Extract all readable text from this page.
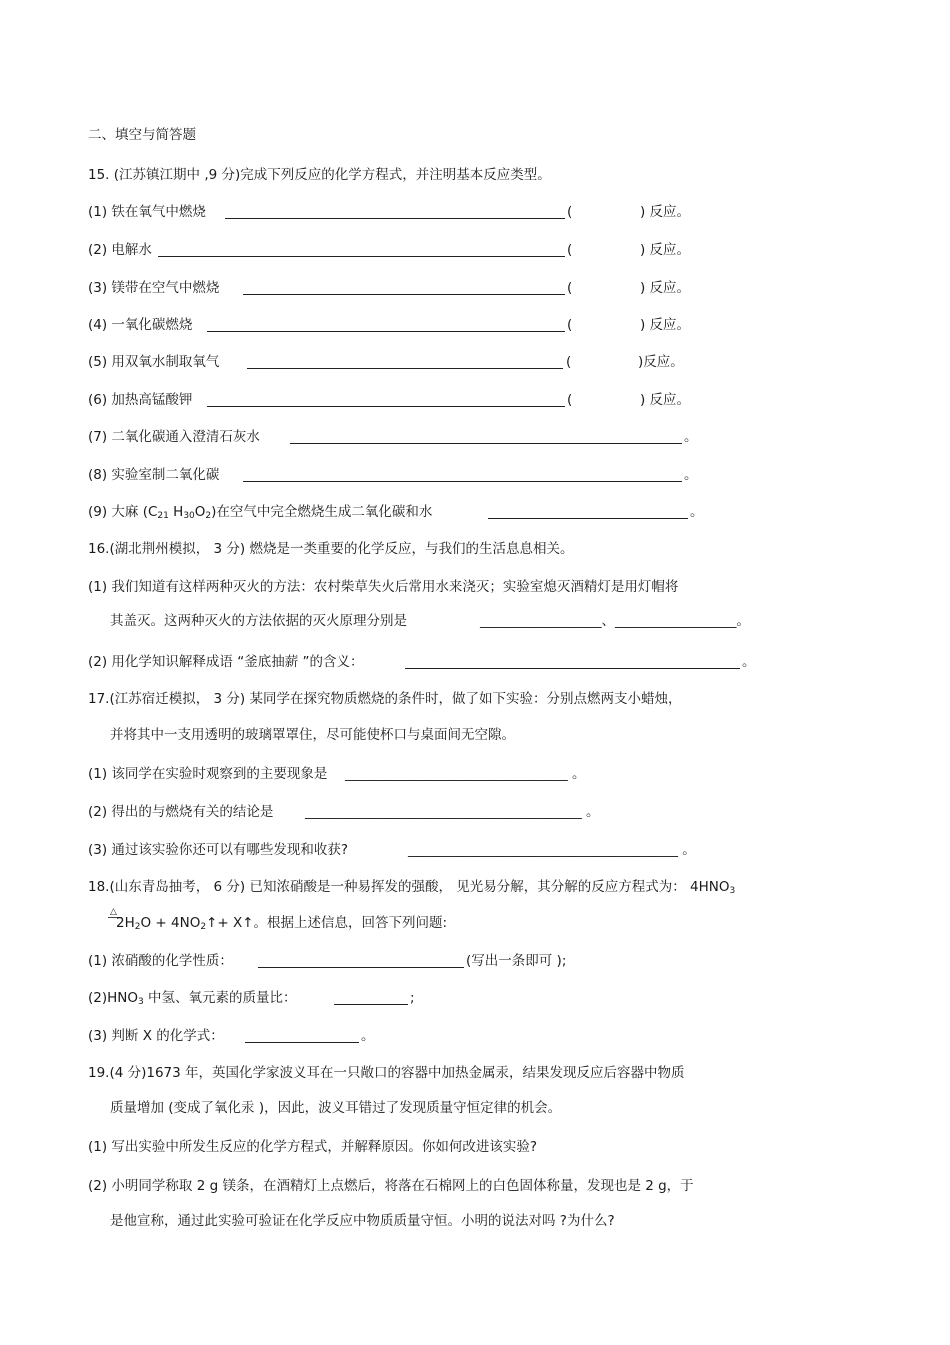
二、填空与简答题
15. (江苏镇江期中 ,9 分)完成下列反应的化学方程式，并注明基本反应类型。
(1) 铁在氧气中燃烧	(	) 反应。
(2) 电解水	(	) 反应。
(3) 镁带在空气中燃烧	(	) 反应。
(4) 一氧化碳燃烧	(	) 反应。
(5) 用双氧水制取氧气	(	)反应。
(6) 加热高锰酸钾	(	) 反应。
(7) 二氧化碳通入澄清石灰水	。
(8) 实验室制二氧化碳	。
(9) 大麻 ($C_{21}$ $H_{30}O_2$)在空气中完全燃烧生成二氧化碳和水	。
16.(湖北荆州模拟， 3 分) 燃烧是一类重要的化学反应，与我们的生活息息相关。
(1) 我们知道有这样两种灭火的方法：农村柴草失火后常用水来浇灭；实验室熄灭酒精灯是用灯帽将
其盖灭。这两种灭火的方法依据的灭火原理分别是	__________________、__________________。
(2) 用化学知识解释成语 “釜底抽薪 ”的含义：	。
17.(江苏宿迁模拟， 3 分) 某同学在探究物质燃烧的条件时，做了如下实验：分别点燃两支小蜡烛，
并将其中一支用透明的玻璃罩罩住，尽可能使杯口与桌面间无空隙。
(1) 该同学在实验时观察到的主要现象是 _________________________________ 。
(2) 得出的与燃烧有关的结论是 _________________________________________ 。
(3) 通过该实验你还可以有哪些发现和收获?	________________________________________ 。
18.(山东青岛抽考， 6 分) 已知浓硝酸是一种易挥发的强酸， 见光易分解，其分解的反应方程式为： $4HNO_3$
△
$2H_2O$ + $4NO_2↑+$ X↑。根据上述信息，回答下列问题:
(1) 浓硝酸的化学性质：	(写出一条即可 );
$(2)HNO_3$ 中氢、氧元素的质量比：	;
(3) 判断 X 的化学式：	。
19.(4 分)1673 年，英国化学家波义耳在一只敞口的容器中加热金属汞，结果发现反应后容器中物质
质量增加 (变成了氧化汞 )，因此，波义耳错过了发现质量守恒定律的机会。
(1) 写出实验中所发生反应的化学方程式，并解释原因。你如何改进该实验?
(2) 小明同学称取 2 g 镁条，在酒精灯上点燃后，将落在石棉网上的白色固体称量，发现也是 2 g，于
是他宣称，通过此实验可验证在化学反应中物质质量守恒。小明的说法对吗 ?为什么?
